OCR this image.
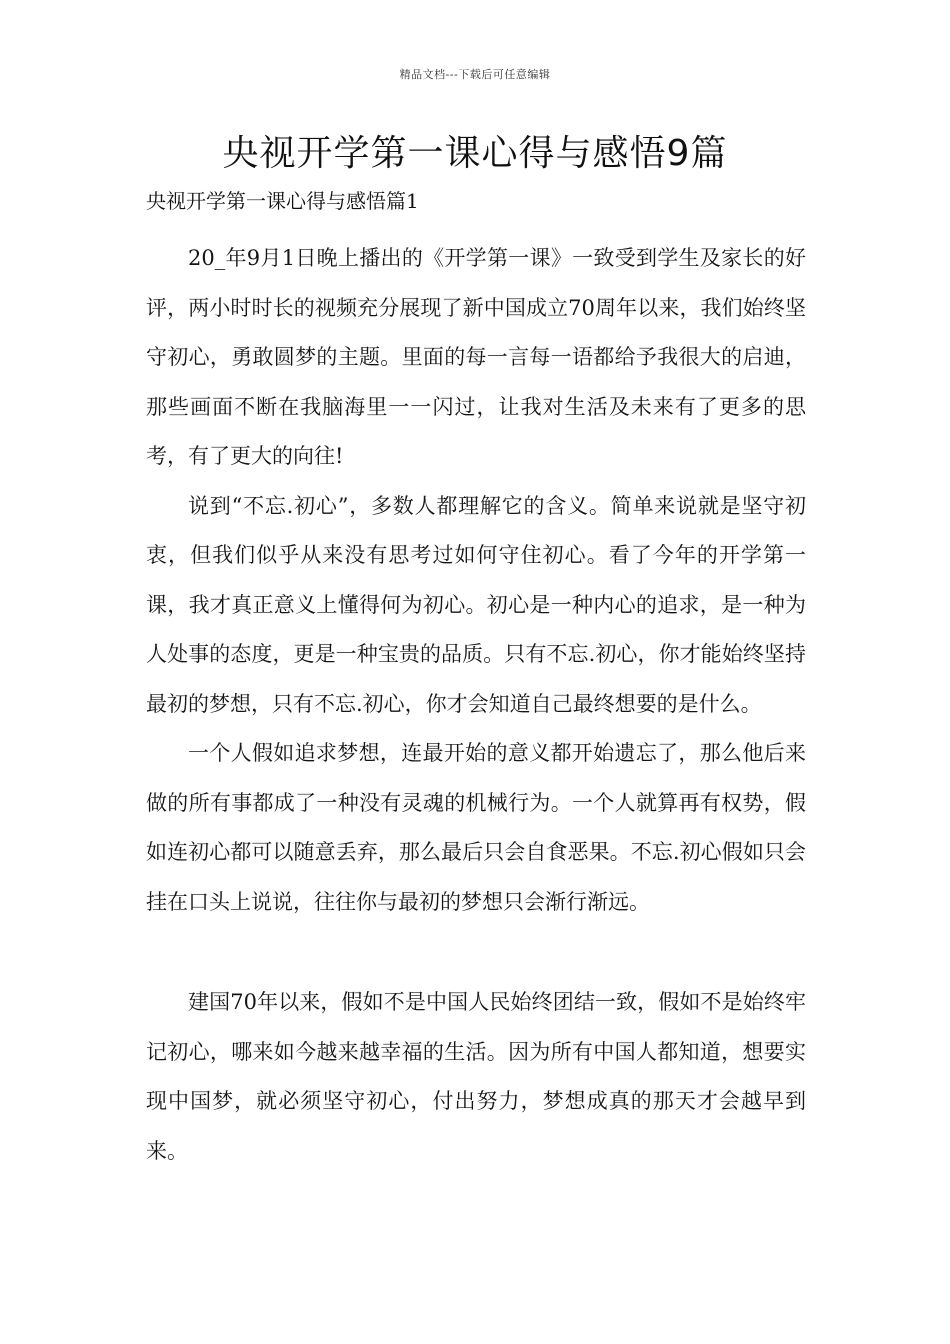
精品文档---下载后可任意编辑
央视开学第一课心得与感悟9篇
央视开学第一课心得与感悟篇1

20_年9月1日晚上播出的《开学第一课》一致受到学生及家长的好评，两小时时长的视频充分展现了新中国成立70周年以来，我们始终坚守初心，勇敢圆梦的主题。里面的每一言每一语都给予我很大的启迪，那些画面不断在我脑海里一一闪过，让我对生活及未来有了更多的思考，有了更大的向往!

说到“不忘.初心”，多数人都理解它的含义。简单来说就是坚守初衷，但我们似乎从来没有思考过如何守住初心。看了今年的开学第一课，我才真正意义上懂得何为初心。初心是一种内心的追求，是一种为人处事的态度，更是一种宝贵的品质。只有不忘.初心，你才能始终坚持最初的梦想，只有不忘.初心，你才会知道自己最终想要的是什么。

一个人假如追求梦想，连最开始的意义都开始遗忘了，那么他后来做的所有事都成了一种没有灵魂的机械行为。一个人就算再有权势，假如连初心都可以随意丢弃，那么最后只会自食恶果。不忘.初心假如只会挂在口头上说说，往往你与最初的梦想只会渐行渐远。

建国70年以来，假如不是中国人民始终团结一致，假如不是始终牢记初心，哪来如今越来越幸福的生活。因为所有中国人都知道，想要实现中国梦，就必须坚守初心，付出努力，梦想成真的那天才会越早到来。
